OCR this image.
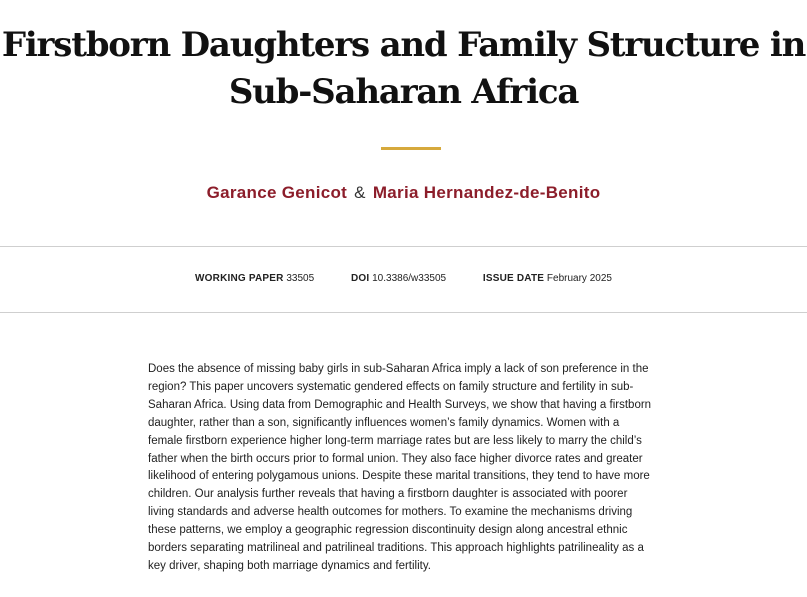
Firstborn Daughters and Family Structure in
Sub-Saharan Africa
Garance Genicot & Maria Hernandez-de-Benito
WORKING PAPER 33505	DOI 10.3386/w33505	ISSUE DATE February 2025
Does the absence of missing baby girls in sub-Saharan Africa imply a lack of son preference in the
region? This paper uncovers systematic gendered effects on family structure and fertility in sub-
Saharan Africa. Using data from Demographic and Health Surveys, we show that having a firstborn
daughter, rather than a son, significantly influences women’s family dynamics. Women with a
female firstborn experience higher long-term marriage rates but are less likely to marry the child’s
father when the birth occurs prior to formal union. They also face higher divorce rates and greater
likelihood of entering polygamous unions. Despite these marital transitions, they tend to have more
children. Our analysis further reveals that having a firstborn daughter is associated with poorer
living standards and adverse health outcomes for mothers. To examine the mechanisms driving
these patterns, we employ a geographic regression discontinuity design along ancestral ethnic
borders separating matrilineal and patrilineal traditions. This approach highlights patrilineality as a
key driver, shaping both marriage dynamics and fertility.
